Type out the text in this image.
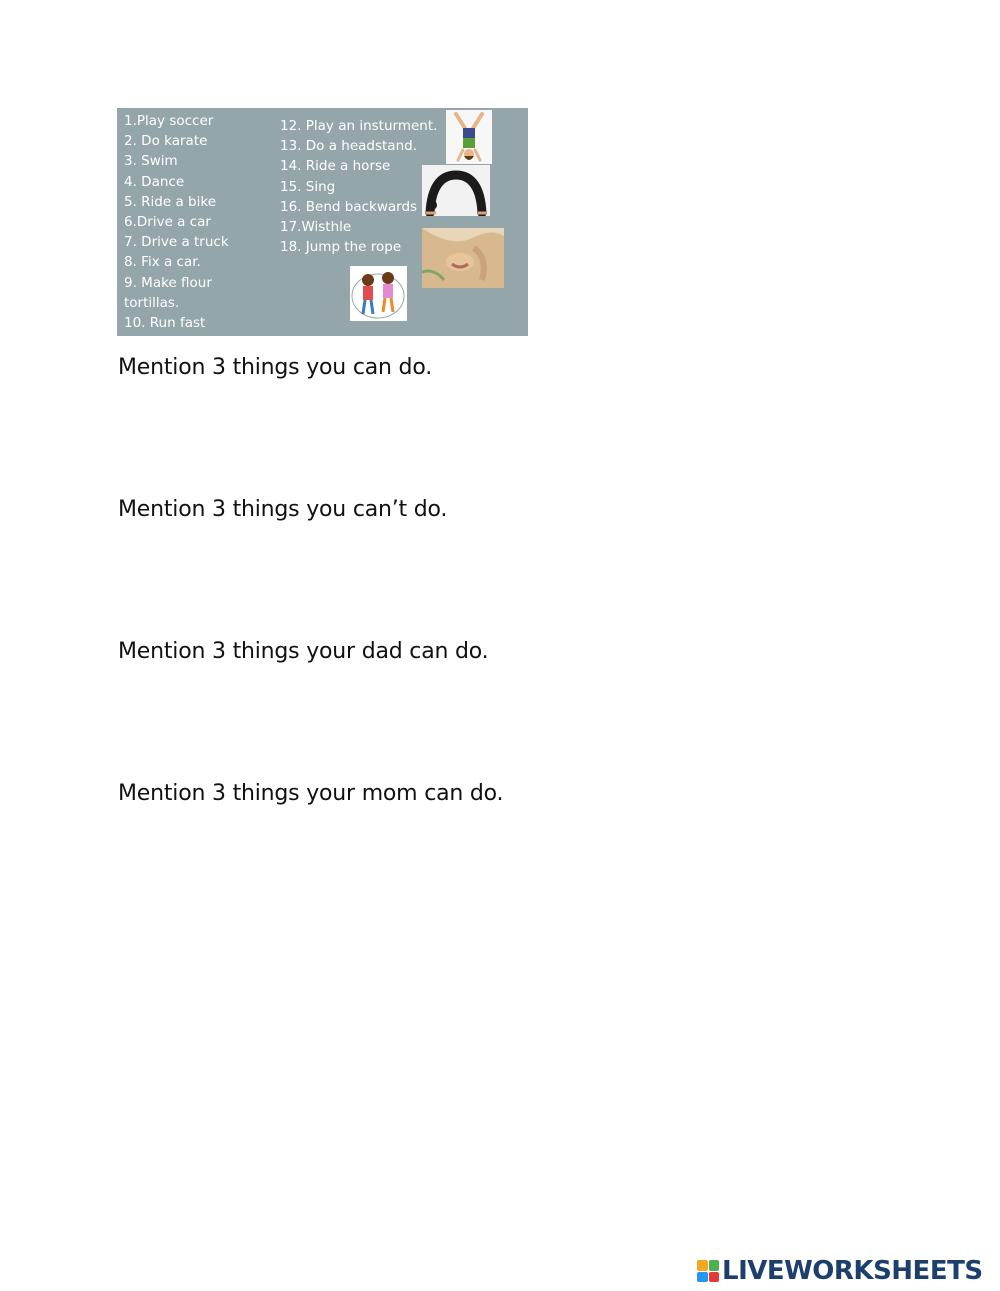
1.Play soccer
2. Do karate
3. Swim
4. Dance
5. Ride a bike
6.Drive a car
7. Drive a truck
8. Fix a car.
9. Make flour
tortillas.
10. Run fast
12. Play an insturment.
13. Do a headstand.
14. Ride a horse
15. Sing
16. Bend backwards
17.Wisthle
18. Jump the rope
Mention 3 things you can do.
Mention 3 things you can’t do.
Mention 3 things your dad can do.
Mention 3 things your mom can do.
LIVEWORKSHEETS
